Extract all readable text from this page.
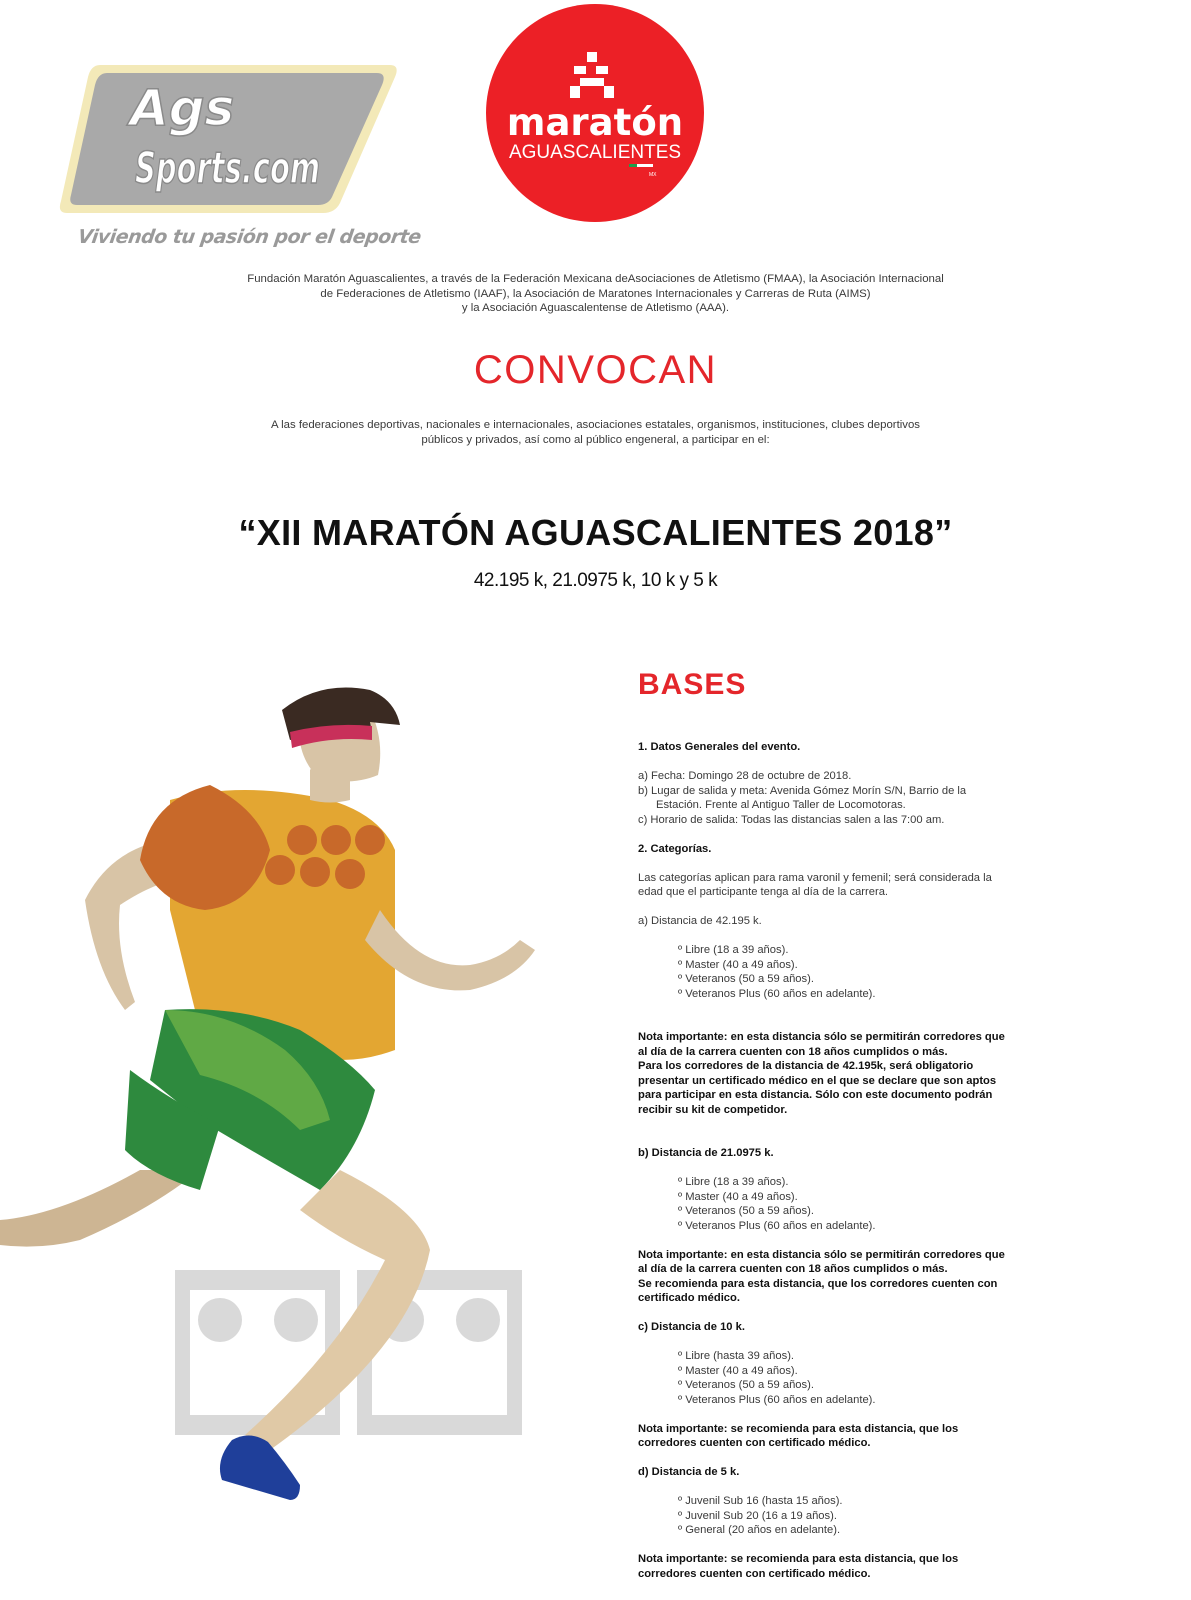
Ags
Sports.com
Viviendo tu pasión por el deporte
maratón
AGUASCALIENTES
MX
Fundación Maratón Aguascalientes, a través de la Federación Mexicana deAsociaciones de Atletismo (FMAA), la Asociación Internacional
de Federaciones de Atletismo (IAAF), la Asociación de Maratones Internacionales y Carreras de Ruta (AIMS)
y la Asociación Aguascalentense de Atletismo (AAA).
CONVOCAN
A las federaciones deportivas, nacionales e internacionales, asociaciones estatales, organismos, instituciones, clubes deportivos
públicos y privados, así como al público engeneral, a participar en el:
“XII MARATÓN AGUASCALIENTES 2018”
42.195 k, 21.0975 k, 10 k y 5 k
BASES

1. Datos Generales del evento.

a) Fecha: Domingo 28 de octubre de 2018.

b) Lugar de salida y meta: Avenida Gómez Morín S/N, Barrio de la

Estación. Frente al Antiguo Taller de Locomotoras.

c) Horario de salida: Todas las distancias salen a las 7:00 am.

2. Categorías.

Las categorías aplican para rama varonil y femenil; será considerada la

edad que el participante tenga al día de la carrera.

a) Distancia de 42.195 k.

º Libre (18 a 39 años).

º Master (40 a 49 años).

º Veteranos (50 a 59 años).

º Veteranos Plus (60 años en adelante).

Nota importante: en esta distancia sólo se permitirán corredores que

al día de la carrera cuenten con 18 años cumplidos o más.

Para los corredores de la distancia de 42.195k, será obligatorio

presentar un certificado médico en el que se declare que son aptos

para participar en esta distancia. Sólo con este documento podrán

recibir su kit de competidor.

b) Distancia de 21.0975 k.

º Libre (18 a 39 años).

º Master (40 a 49 años).

º Veteranos (50 a 59 años).

º Veteranos Plus (60 años en adelante).

Nota importante: en esta distancia sólo se permitirán corredores que

al día de la carrera cuenten con 18 años cumplidos o más.

Se recomienda para esta distancia, que los corredores cuenten con

certificado médico.

c) Distancia de 10 k.

º Libre (hasta 39 años).

º Master (40 a 49 años).

º Veteranos (50 a 59 años).

º Veteranos Plus (60 años en adelante).

Nota importante: se recomienda para esta distancia, que los

corredores cuenten con certificado médico.

d) Distancia de 5 k.

º Juvenil Sub 16 (hasta 15 años).

º Juvenil Sub 20 (16 a 19 años).

º General (20 años en adelante).

Nota importante: se recomienda para esta distancia, que los

corredores cuenten con certificado médico.
